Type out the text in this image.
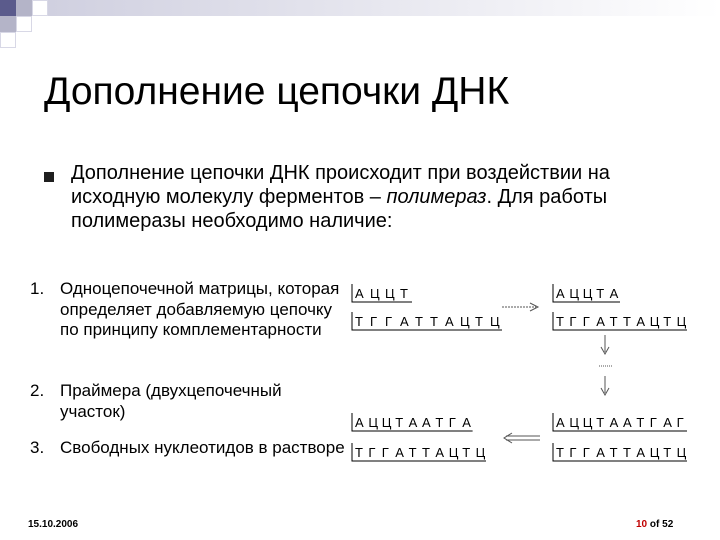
Дополнение цепочки ДНК

Дополнение цепочки ДНК происходит при воздействии на исходную молекулу ферментов – полимераз. Для работы полимеразы необходимо наличие:

1. Одноцепочечной матрицы, которая определяет добавляемую цепочку по принципу комплементарности
2. Праймера (двухцепочечный участок)
3. Свободных нуклеотидов в растворе
А Ц Ц Т
Т Г Г А Т Т А Ц Т Ц
А Ц Ц Т А
Т Г Г А Т Т А Ц Т Ц
А Ц Ц Т А А Т Г А
Т Г Г А Т Т А Ц Т Ц
А Ц Ц Т А А Т Г А Г
Т Г Г А Т Т А Ц Т Ц
15.10.2006	10 of 52
